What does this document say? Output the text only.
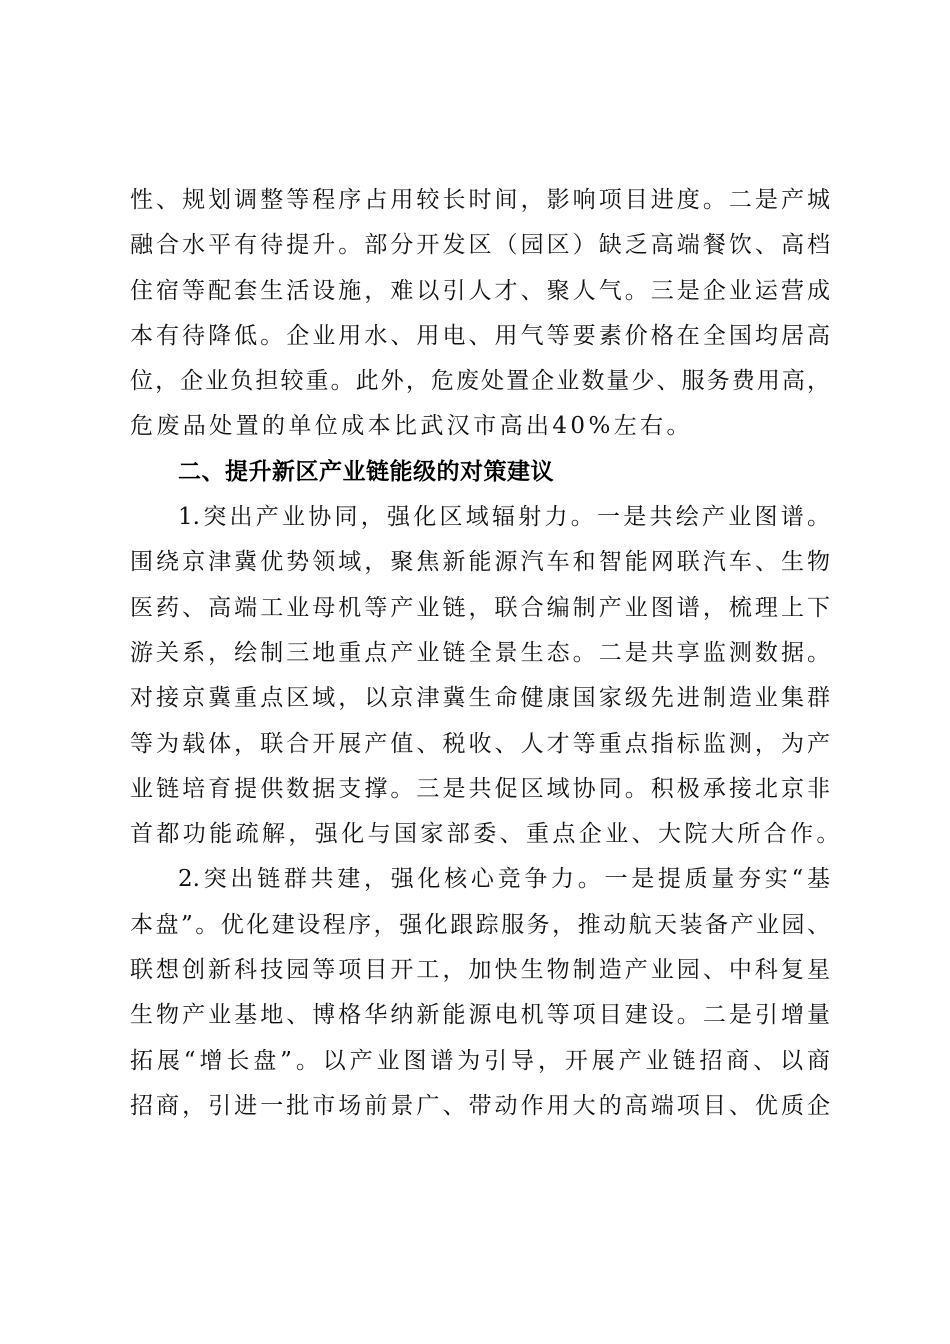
性、规划调整等程序占用较长时间，影响项目进度。二是产城
融合水平有待提升。部分开发区（园区）缺乏高端餐饮、高档
住宿等配套生活设施，难以引人才、聚人气。三是企业运营成
本有待降低。企业用水、用电、用气等要素价格在全国均居高
位，企业负担较重。此外，危废处置企业数量少、服务费用高，
危废品处置的单位成本比武汉市高出40%左右。
二、提升新区产业链能级的对策建议
1.突出产业协同，强化区域辐射力。一是共绘产业图谱。
围绕京津冀优势领域，聚焦新能源汽车和智能网联汽车、生物
医药、高端工业母机等产业链，联合编制产业图谱，梳理上下
游关系，绘制三地重点产业链全景生态。二是共享监测数据。
对接京冀重点区域，以京津冀生命健康国家级先进制造业集群
等为载体，联合开展产值、税收、人才等重点指标监测，为产
业链培育提供数据支撑。三是共促区域协同。积极承接北京非
首都功能疏解，强化与国家部委、重点企业、大院大所合作。
2.突出链群共建，强化核心竞争力。一是提质量夯实“基
本盘”。优化建设程序，强化跟踪服务，推动航天装备产业园、
联想创新科技园等项目开工，加快生物制造产业园、中科复星
生物产业基地、博格华纳新能源电机等项目建设。二是引增量
拓展“增长盘”。以产业图谱为引导，开展产业链招商、以商
招商，引进一批市场前景广、带动作用大的高端项目、优质企
